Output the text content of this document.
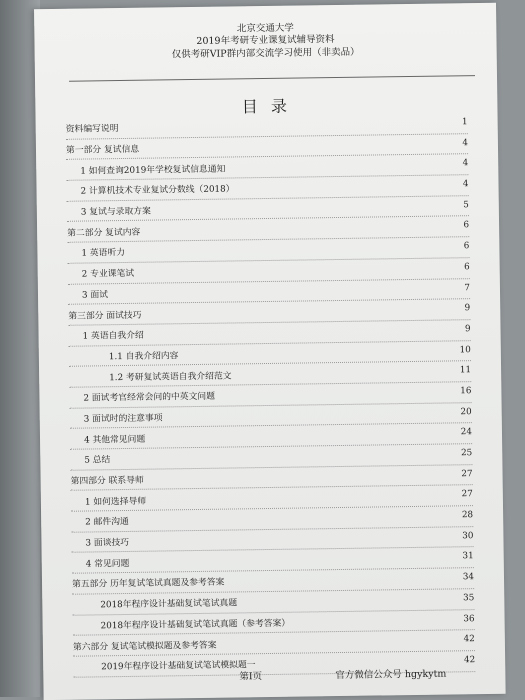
北京交通大学
2019年考研专业课复试辅导资料
仅供考研VIP群内部交流学习使用（非卖品）
目 录
资料编写说明
1
第一部分 复试信息
4
1 如何查询2019年学校复试信息通知
4
2 计算机技术专业复试分数线（2018）
4
3 复试与录取方案
5
第二部分 复试内容
6
1 英语听力
6
2 专业课笔试
6
3 面试
7
第三部分 面试技巧
9
1 英语自我介绍
9
1.1 自我介绍内容
10
1.2 考研复试英语自我介绍范文
11
2 面试考官经常会问的中英文问题
16
3 面试时的注意事项
20
4 其他常见问题
24
5 总结
25
第四部分 联系导师
27
1 如何选择导师
27
2 邮件沟通
28
3 面谈技巧
30
4 常见问题
31
第五部分 历年复试笔试真题及参考答案
34
2018年程序设计基础复试笔试真题
35
2018年程序设计基础复试笔试真题（参考答案）	36
第六部分 复试笔试模拟题及参考答案
42
2019年程序设计基础复试笔试模拟题一
42
第I页	官方微信公众号 hgykytm
